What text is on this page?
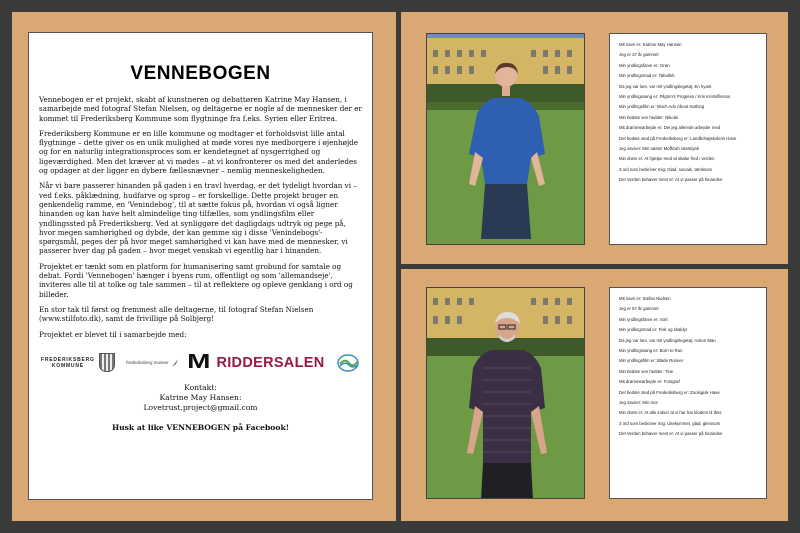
VENNEBOGEN

Vennebogen er et projekt, skabt af kunstneren og debattøren Katrine May Hansen, i samarbejde med fotograf Stefan Nielsen, og deltagerne er nogle af de mennesker der er kommet til Frederiksberg Kommune som flygtninge fra f.eks. Syrien eller Eritrea.

Frederiksberg Kommune er en lille kommune og modtager et forholdsvist lille antal flygtninge – dette giver os en unik mulighed at møde vores nye medborgere i øjenhøjde og for en naturlig integrationsproces som er kendetegnet af nysgerrighed og ligeværdighed. Men det kræver at vi mødes – at vi konfronterer os med det anderledes og opdager at der ligger en dybere fællesnævner – nemlig menneskeligheden.

Når vi bare passerer hinanden på gaden i en travl hverdag, er det tydeligt hvordan vi – ved f.eks. påklædning, hudfarve og sprog – er forskellige. Dette projekt bruger en genkendelig ramme, en 'Venindebog', til at sætte fokus på, hvordan vi også ligner hinanden og kan have helt almindelige ting tilfælles, som yndlingsfilm eller yndlingssted på Frederiksberg. Ved at synliggøre det dagligdags udtryk og pege på, hvor megen samhørighed og dybde, der kan gemme sig i disse 'Venindebogs'-spørgsmål, peges der på hvor meget samhørighed vi kan have med de mennesker, vi passerer hver dag på gaden – hvor meget venskab vi egentlig har i hinanden.

Projektet er tænkt som en platform for humanisering samt grobund for samtale og debat. Fordi 'Vennebogen' hænger i byens rum, offentligt og som 'allemandseje', inviteres alle til at tolke og tale sammen – til at reflektere og opleve genklang i ord og billeder.

En stor tak til først og fremmest alle deltagerne, til fotograf Stefan Nielsen (www.stilfoto.dk), samt de frivillige på Solbjerg!

Projektet er blevet til i samarbejde med:

FREDERIKSBERG
KOMMUNE	frederiksberg museer M RIDDERSALEN
Kontakt:
Katrine May Hansen:
Lovetrust.project@gmail.com
Husk at like VENNEBOGEN på Facebook!
Mit navn er: Katrine May Hansen
Jeg er 37 år gammel
Min yndlingsfarve er: Grøn
Min yndlingsmad er: Tabulleh
Da jeg var lure, var mit yndlingslegetøj: En hyant
Min yndlingssang er: Pilgrim's Progress / Kris Kristofferson
Min yndlingsfilm er: Much Ado About Nothing
Min bedste ven hedder: Nikolai
Mit drømmearbejde er: Det jeg allerede arbejder med
Det bedste sted på Frederiksberg er: Landbohøjskolens Have
Jeg savner: Min søster Moffizah Islamiyah
Min drøm er: At hjælpe med at skabe fred i verden
3 ord som beskriver mig: Glad, sociale, tænksom
Det Verden behøver mest er: At vi passer på hinanden
Mit navn er: Stefan Nielsen
Jeg er 57 år gammel
Min yndlingsfarve er: Sort
Min yndlingsmad er: Fisk og skaldyr
Da jeg var lure, var mit yndlingslegetøj: Action Man
Min yndlingssang er: Born to Run
Min yndlingsfilm er: Blade Runner
Min bedste ven hedder: Tine
Mit drømmearbejde er: Fotograf
Det bedste sted på Frederiksberg er: Zoologisk Have
Jeg savner: Min mor
Min drøm er: At alle indser at vi har har klodem til låns
3 ord som beskriver mig: Ukekymmet, glad, glemsom
Det Verden behøver mest er: At vi passer på hinanden
